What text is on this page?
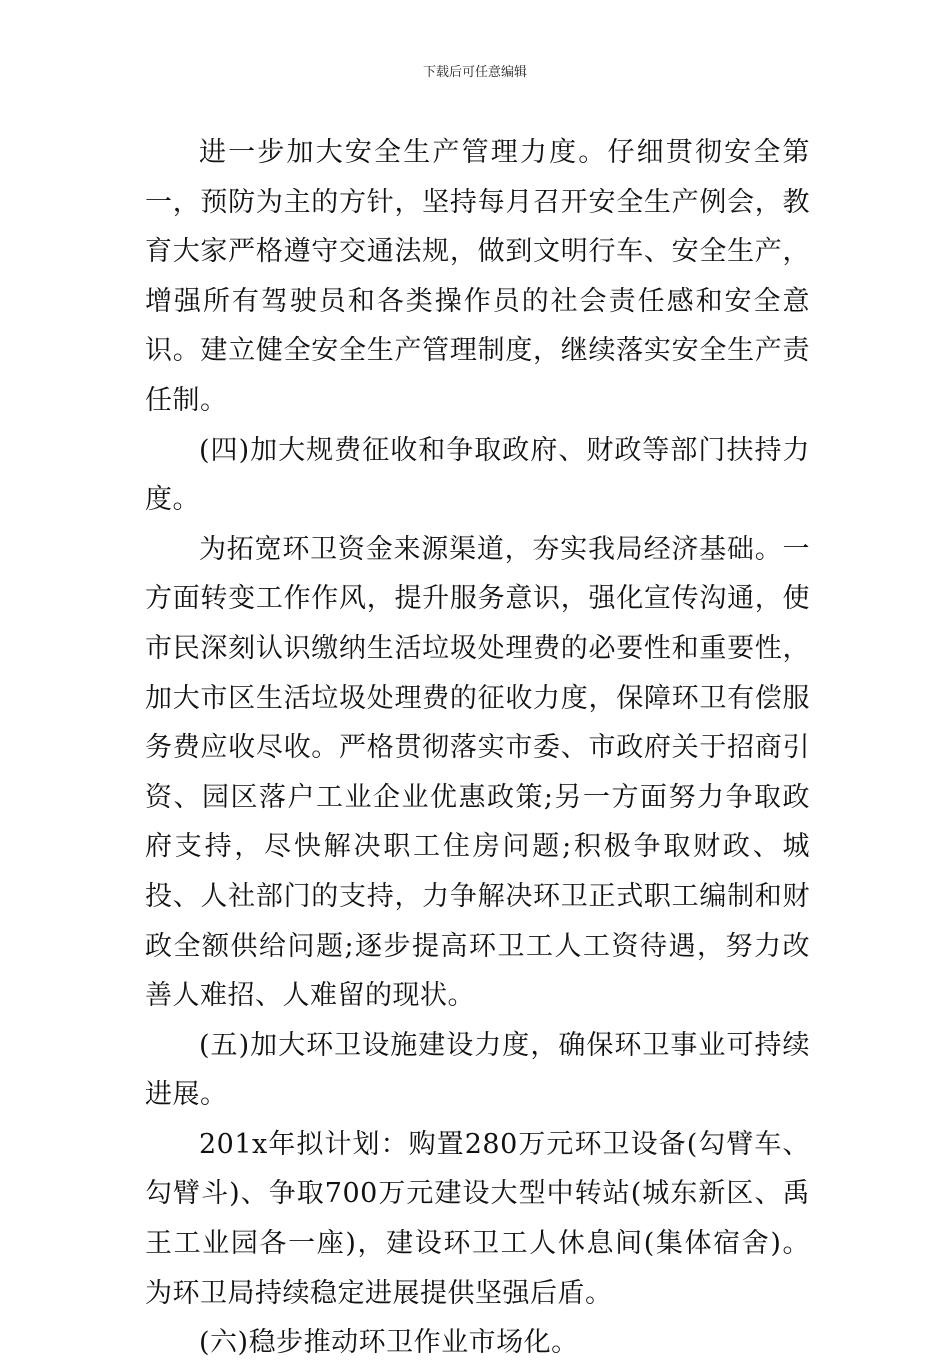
下载后可任意编辑

进一步加大安全生产管理力度。仔细贯彻安全第一，预防为主的方针，坚持每月召开安全生产例会，教育大家严格遵守交通法规，做到文明行车、安全生产，增强所有驾驶员和各类操作员的社会责任感和安全意识。建立健全安全生产管理制度，继续落实安全生产责任制。

(四)加大规费征收和争取政府、财政等部门扶持力度。

为拓宽环卫资金来源渠道，夯实我局经济基础。一方面转变工作作风，提升服务意识，强化宣传沟通，使市民深刻认识缴纳生活垃圾处理费的必要性和重要性，加大市区生活垃圾处理费的征收力度，保障环卫有偿服务费应收尽收。严格贯彻落实市委、市政府关于招商引资、园区落户工业企业优惠政策;另一方面努力争取政府支持，尽快解决职工住房问题;积极争取财政、城投、人社部门的支持，力争解决环卫正式职工编制和财政全额供给问题;逐步提高环卫工人工资待遇，努力改善人难招、人难留的现状。

(五)加大环卫设施建设力度，确保环卫事业可持续进展。

201x年拟计划：购置280万元环卫设备(勾臂车、勾臂斗)、争取700万元建设大型中转站(城东新区、禹王工业园各一座)，建设环卫工人休息间(集体宿舍)。为环卫局持续稳定进展提供坚强后盾。

(六)稳步推动环卫作业市场化。
